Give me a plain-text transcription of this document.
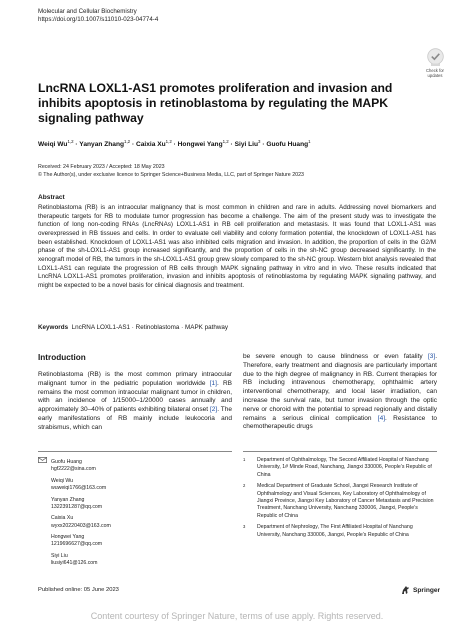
Molecular and Cellular Biochemistry
https://doi.org/10.1007/s11010-023-04774-4
Check for
updates
LncRNA LOXL1-AS1 promotes proliferation and invasion and inhibits apoptosis in retinoblastoma by regulating the MAPK signaling pathway
Weiqi Wu$^{1,2}$ · Yanyan Zhang$^{1,2}$ · Caixia Xu$^{1,2}$ · Hongwei Yang$^{1,2}$ · Siyi Liu$^3$ · Guofu Huang$^1$
Received: 24 February 2023 / Accepted: 18 May 2023
© The Author(s), under exclusive licence to Springer Science+Business Media, LLC, part of Springer Nature 2023
Abstract

Retinoblastoma (RB) is an intraocular malignancy that is most common in children and rare in adults. Addressing novel biomarkers and therapeutic targets for RB to modulate tumor progression has become a challenge. The aim of the present study was to investigate the function of long non-coding RNAs (LncRNAs) LOXL1-AS1 in RB cell proliferation and metastasis. It was found that LOXL1-AS1 was overexpressed in RB tissues and cells. In order to evaluate cell viability and colony formation potential, the knockdown of LOXL1-AS1 has been established. Knockdown of LOXL1-AS1 was also inhibited cells migration and invasion. In addition, the proportion of cells in the G2/M phase of the sh-LOXL1-AS1 group increased significantly, and the proportion of cells in the sh-NC group decreased significantly. In the xenograft model of RB, the tumors in the sh-LOXL1-AS1 group grew slowly compared to the sh-NC group. Western blot analysis revealed that LOXL1-AS1 can regulate the progression of RB cells through MAPK signaling pathway in vitro and in vivo. These results indicated that LncRNA LOXL1-AS1 promotes proliferation, invasion and inhibits apoptosis of retinoblastoma by regulating MAPK signaling pathway, and might be expected to be a novel basis for clinical diagnosis and treatment.

Keywords LncRNA LOXL1-AS1 · Retinoblastoma · MAPK pathway
Introduction

Retinoblastoma (RB) is the most common primary intraocular malignant tumor in the pediatric population worldwide [1]. RB remains the most common intraocular malignant tumor in children, with an incidence of 1/15000–1/20000 cases annually and approximately 30–40% of patients exhibiting bilateral onset [2]. The early manifestations of RB mainly include leukocoria and strabismus, which can

be severe enough to cause blindness or even fatality [3]. Therefore, early treatment and diagnosis are particularly important due to the high degree of malignancy in RB. Current therapies for RB including intravenous chemotherapy, ophthalmic artery interventional chemotherapy, and local laser irradiation, can increase the survival rate, but tumor invasion through the optic nerve or choroid with the potential to spread regionally and distally remains a serious clinical complication [4]. Resistance to chemotherapeutic drugs

Guofu Huang
hgf2222@sina.com
Weiqi Wu
wuweiqi1766@163.com
Yanyan Zhang
1322391287@qq.com
Caixia Xu
wyxx20220403@163.com
Hongwei Yang
1219696627@qq.com
Siyi Liu
liusiyi641@126.com
1	Department of Ophthalmology, The Second Affiliated Hospital of Nanchang University, 1# Minde Road, Nanchang, Jiangxi 330006, People’s Republic of China
2	Medical Department of Graduate School, Jiangxi Research Institute of Ophthalmology and Visual Sciences, Key Laboratory of Ophthalmology of Jiangxi Province, Jiangxi Key Laboratory of Cancer Metastasis and Precision Treatment, Nanchang University, Nanchang 330006, Jiangxi, People’s Republic of China
3	Department of Nephrology, The First Affiliated Hospital of Nanchang University, Nanchang 330006, Jiangxi, People’s Republic of China
Published online: 05 June 2023	Springer
Content courtesy of Springer Nature, terms of use apply. Rights reserved.
